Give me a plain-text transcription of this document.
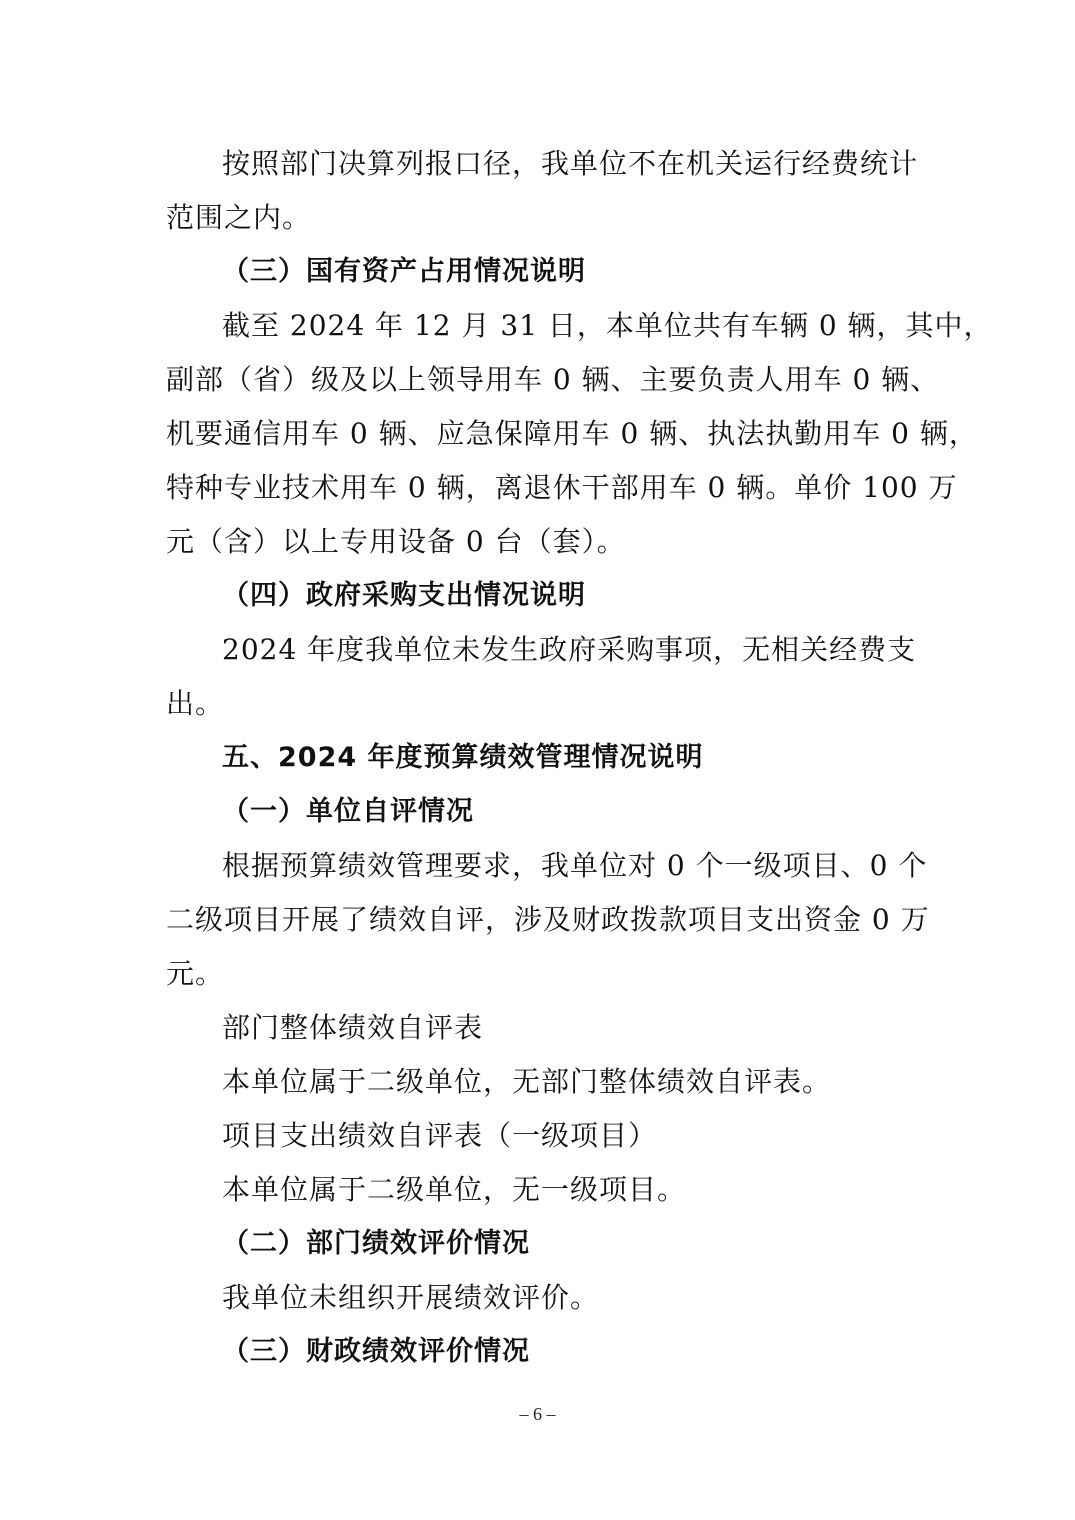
按照部门决算列报口径，我单位不在机关运行经费统计
范围之内。
（三）国有资产占用情况说明
截至 2024 年 12 月 31 日，本单位共有车辆 0 辆，其中，
副部（省）级及以上领导用车 0 辆、主要负责人用车 0 辆、
机要通信用车 0 辆、应急保障用车 0 辆、执法执勤用车 0 辆，
特种专业技术用车 0 辆，离退休干部用车 0 辆。单价 100 万
元（含）以上专用设备 0 台（套）。
（四）政府采购支出情况说明
2024 年度我单位未发生政府采购事项，无相关经费支
出。
五、2024 年度预算绩效管理情况说明
（一）单位自评情况
根据预算绩效管理要求，我单位对 0 个一级项目、0 个
二级项目开展了绩效自评，涉及财政拨款项目支出资金 0 万
元。
部门整体绩效自评表
本单位属于二级单位，无部门整体绩效自评表。
项目支出绩效自评表（一级项目）
本单位属于二级单位，无一级项目。
（二）部门绩效评价情况
我单位未组织开展绩效评价。
（三）财政绩效评价情况
– 6 –
